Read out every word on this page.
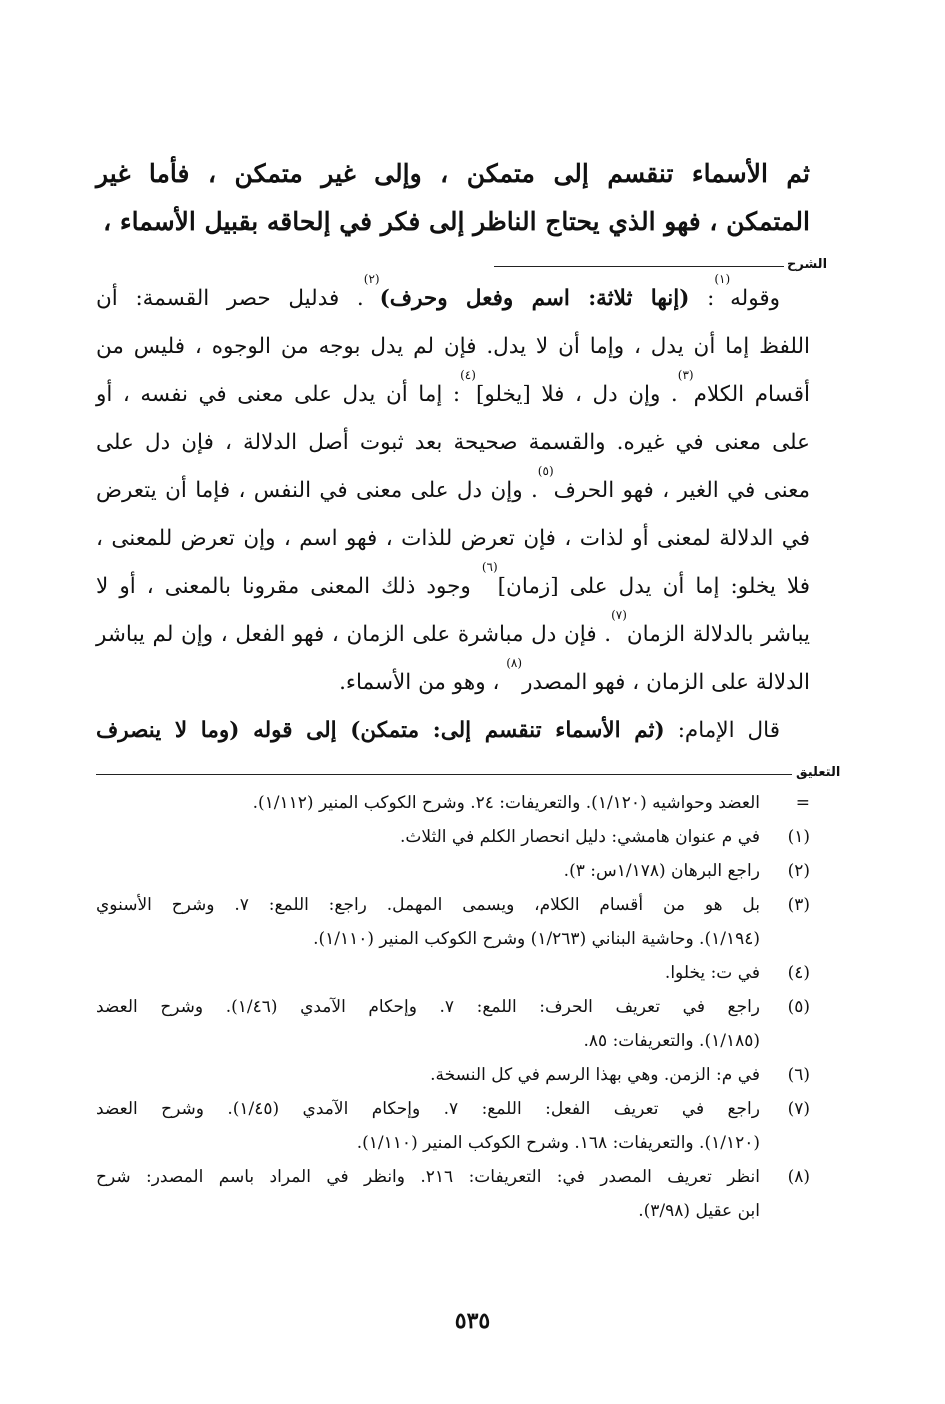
ثم الأسماء تنقسم إلى متمكن ، وإلى غير متمكن ، فأما غير
المتمكن ، فهو الذي يحتاج الناظر إلى فكر في إلحاقه بقبيل الأسماء ،
الشرح
وقوله$^{(١)}$: (إنها ثلاثة: اسم وفعل وحرف)$^{(٢)}$. فدليل حصر القسمة: أن
اللفظ إما أن يدل ، وإما أن لا يدل. فإن لم يدل بوجه من الوجوه ، فليس من
أقسام الكلام$^{(٣)}$. وإن دل ، فلا [يخلو]$^{(٤)}$: إما أن يدل على معنى في نفسه ، أو
على معنى في غيره. والقسمة صحيحة بعد ثبوت أصل الدلالة ، فإن دل على
معنى في الغير ، فهو الحرف$^{(٥)}$. وإن دل على معنى في النفس ، فإما أن يتعرض
في الدلالة لمعنى أو لذات ، فإن تعرض للذات ، فهو اسم ، وإن تعرض للمعنى ،
فلا يخلو: إما أن يدل على [زمان]$^{(٦)}$ وجود ذلك المعنى مقرونا بالمعنى ، أو لا
يباشر بالدلالة الزمان$^{(٧)}$. فإن دل مباشرة على الزمان ، فهو الفعل ، وإن لم يباشر
الدلالة على الزمان ، فهو المصدر$^{(٨)}$ ، وهو من الأسماء.
قال الإمام: (ثم الأسماء تنقسم إلى: متمكن) إلى قوله (وما لا ينصرف
التعليق
=
العضد وحواشيه (١/١٢٠). والتعريفات: ٢٤. وشرح الكوكب المنير (١/١١٢).
(١)
في م عنوان هامشي: دليل انحصار الكلم في الثلاث.
(٢)
راجع البرهان (١/١٧٨س: ٣).
(٣)
بل هو من أقسام الكلام، ويسمى المهمل. راجع: اللمع: ٧. وشرح الأسنوي
(١/١٩٤). وحاشية البناني (١/٢٦٣) وشرح الكوكب المنير (١/١١٠).
(٤)
في ت: يخلوا.
(٥)
راجع في تعريف الحرف: اللمع: ٧. وإحكام الآمدي (١/٤٦). وشرح العضد
(١/١٨٥). والتعريفات: ٨٥.
(٦)
في م: الزمن. وهي بهذا الرسم في كل النسخة.
(٧)
راجع في تعريف الفعل: اللمع: ٧. وإحكام الآمدي (١/٤٥). وشرح العضد
(١/١٢٠). والتعريفات: ١٦٨. وشرح الكوكب المنير (١/١١٠).
(٨)
انظر تعريف المصدر في: التعريفات: ٢١٦. وانظر في المراد باسم المصدر: شرح
ابن عقيل (٣/٩٨).
٥٣٥
